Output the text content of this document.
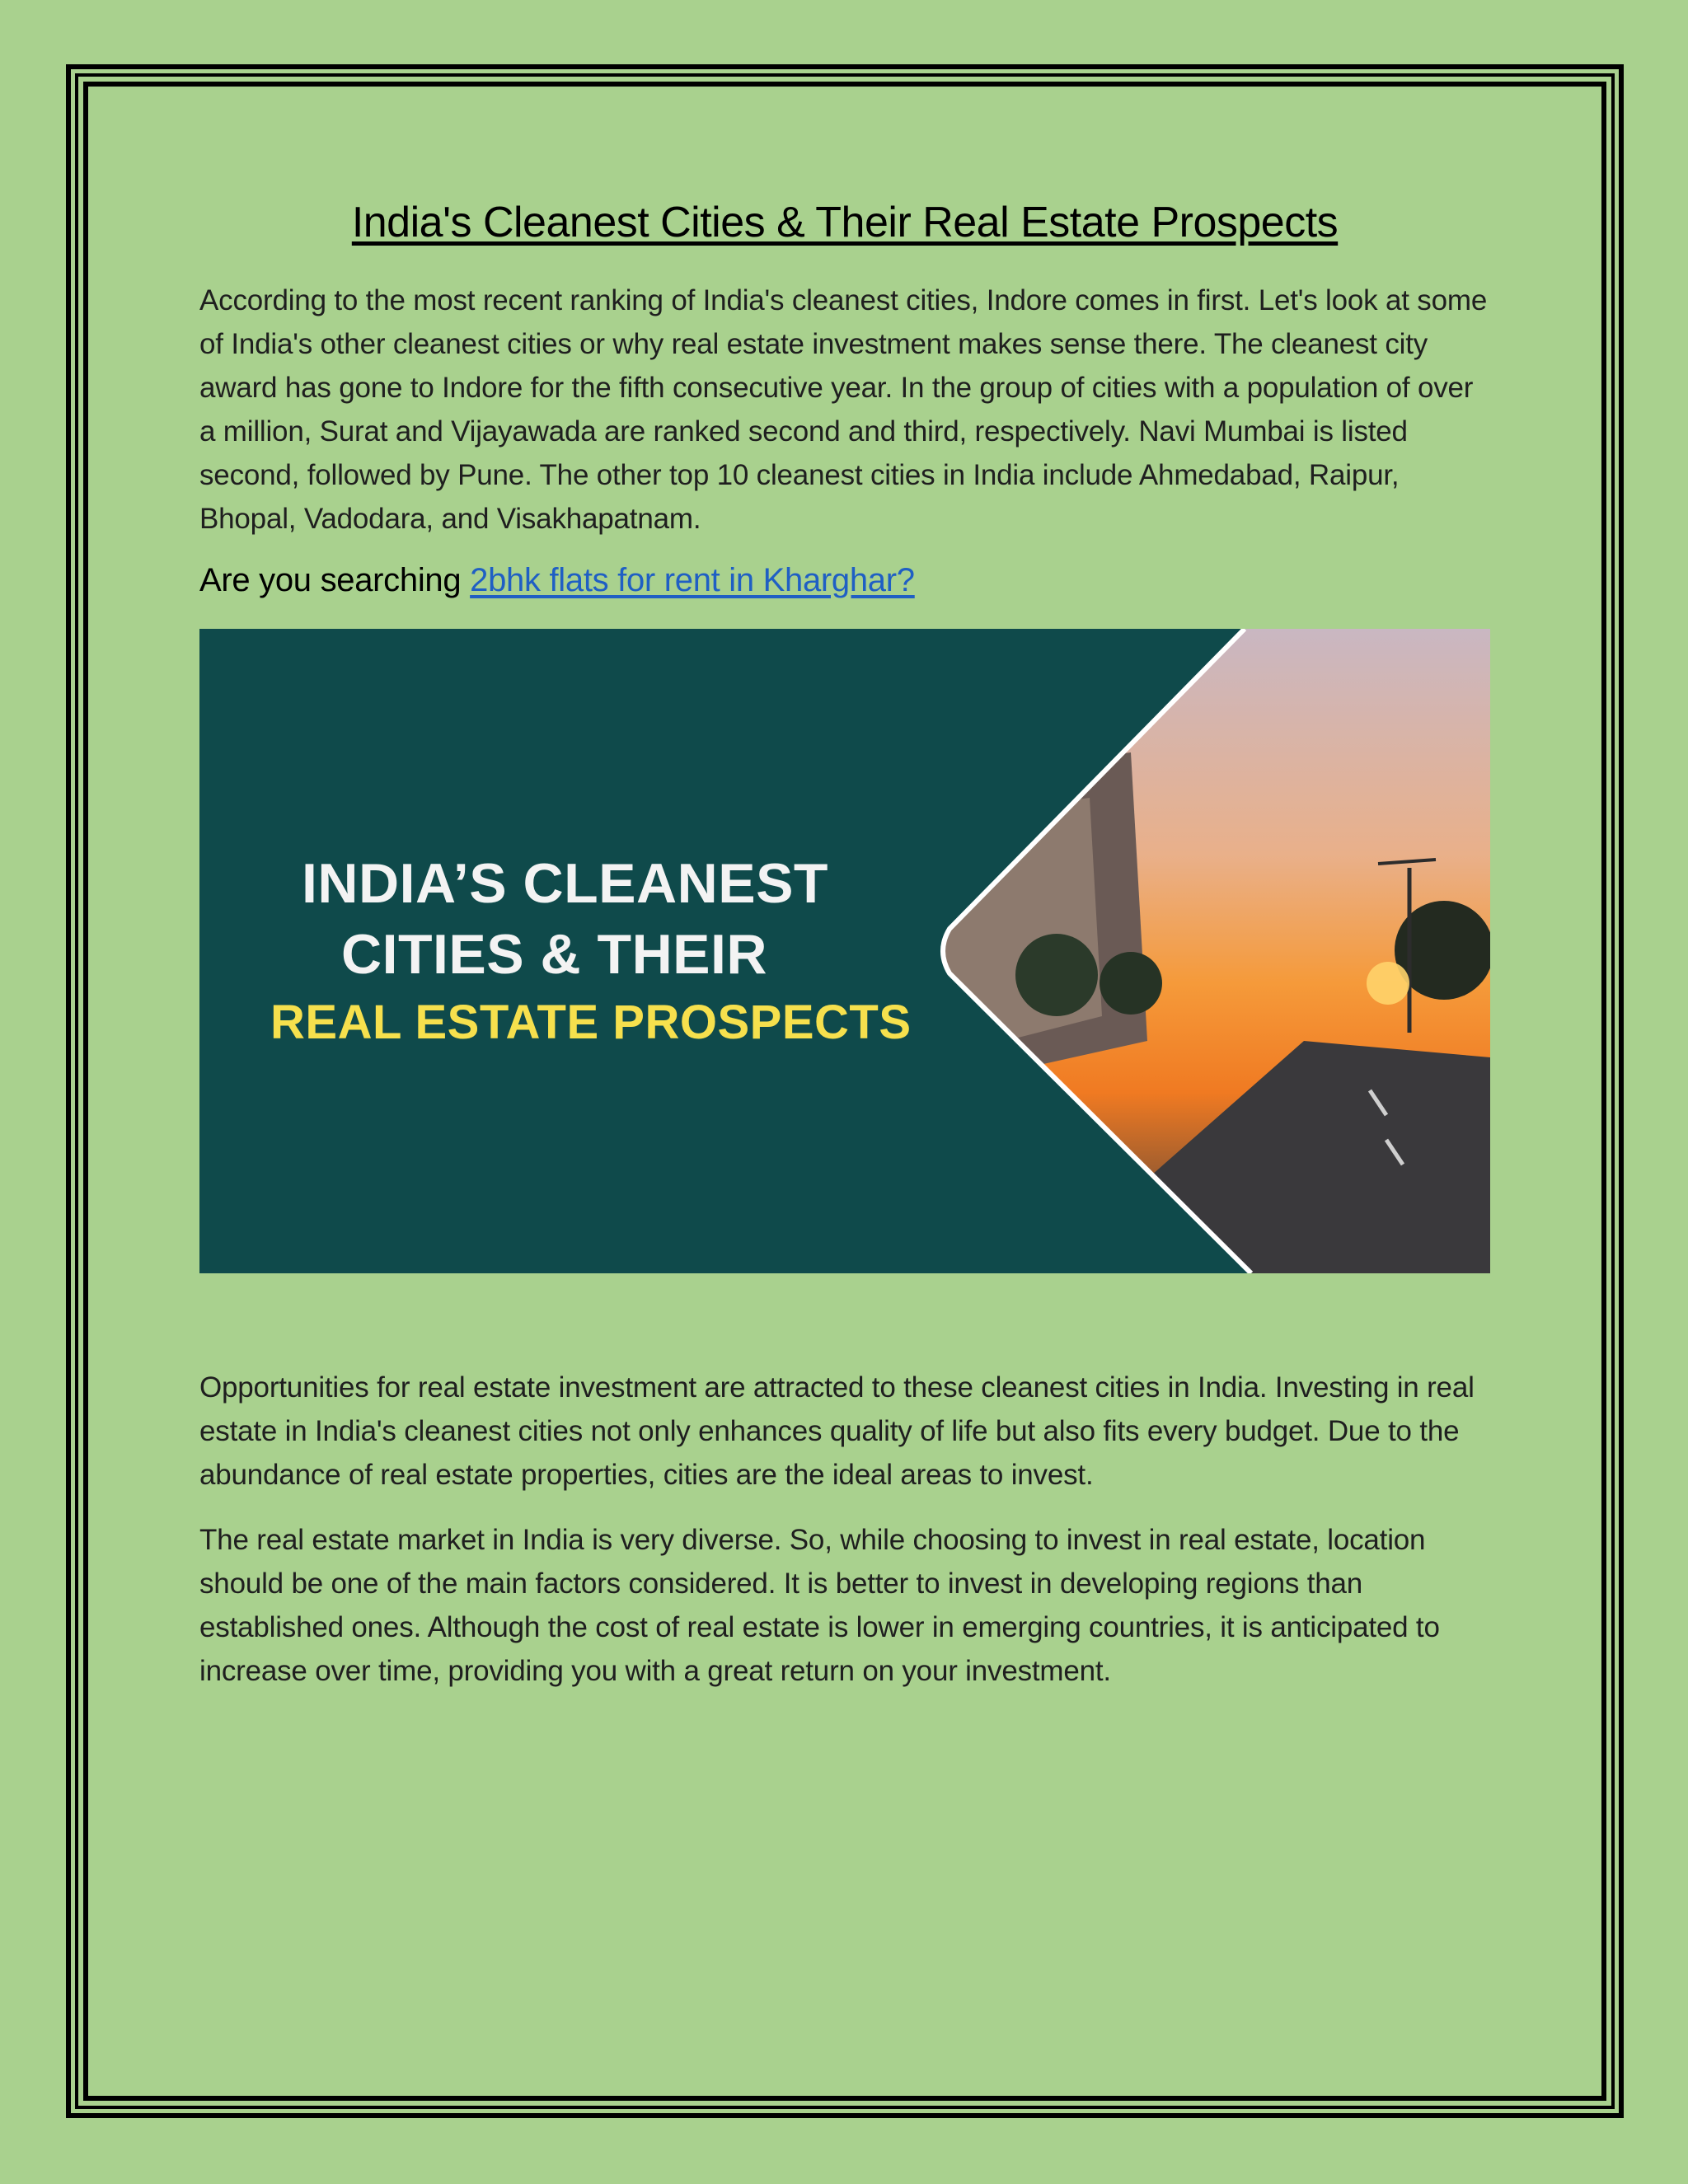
India's Cleanest Cities & Their Real Estate Prospects

According to the most recent ranking of India's cleanest cities, Indore comes in first. Let's look at some of India's other cleanest cities or why real estate investment makes sense there. The cleanest city award has gone to Indore for the fifth consecutive year. In the group of cities with a population of over a million, Surat and Vijayawada are ranked second and third, respectively. Navi Mumbai is listed second, followed by Pune. The other top 10 cleanest cities in India include Ahmedabad, Raipur, Bhopal, Vadodara, and Visakhapatnam.

Are you searching 2bhk flats for rent in Kharghar?
INDIA’S CLEANEST
CITIES & THEIR
REAL ESTATE PROSPECTS

Opportunities for real estate investment are attracted to these cleanest cities in India. Investing in real estate in India's cleanest cities not only enhances quality of life but also fits every budget. Due to the abundance of real estate properties, cities are the ideal areas to invest.

The real estate market in India is very diverse. So, while choosing to invest in real estate, location should be one of the main factors considered. It is better to invest in developing regions than established ones. Although the cost of real estate is lower in emerging countries, it is anticipated to increase over time, providing you with a great return on your investment.
